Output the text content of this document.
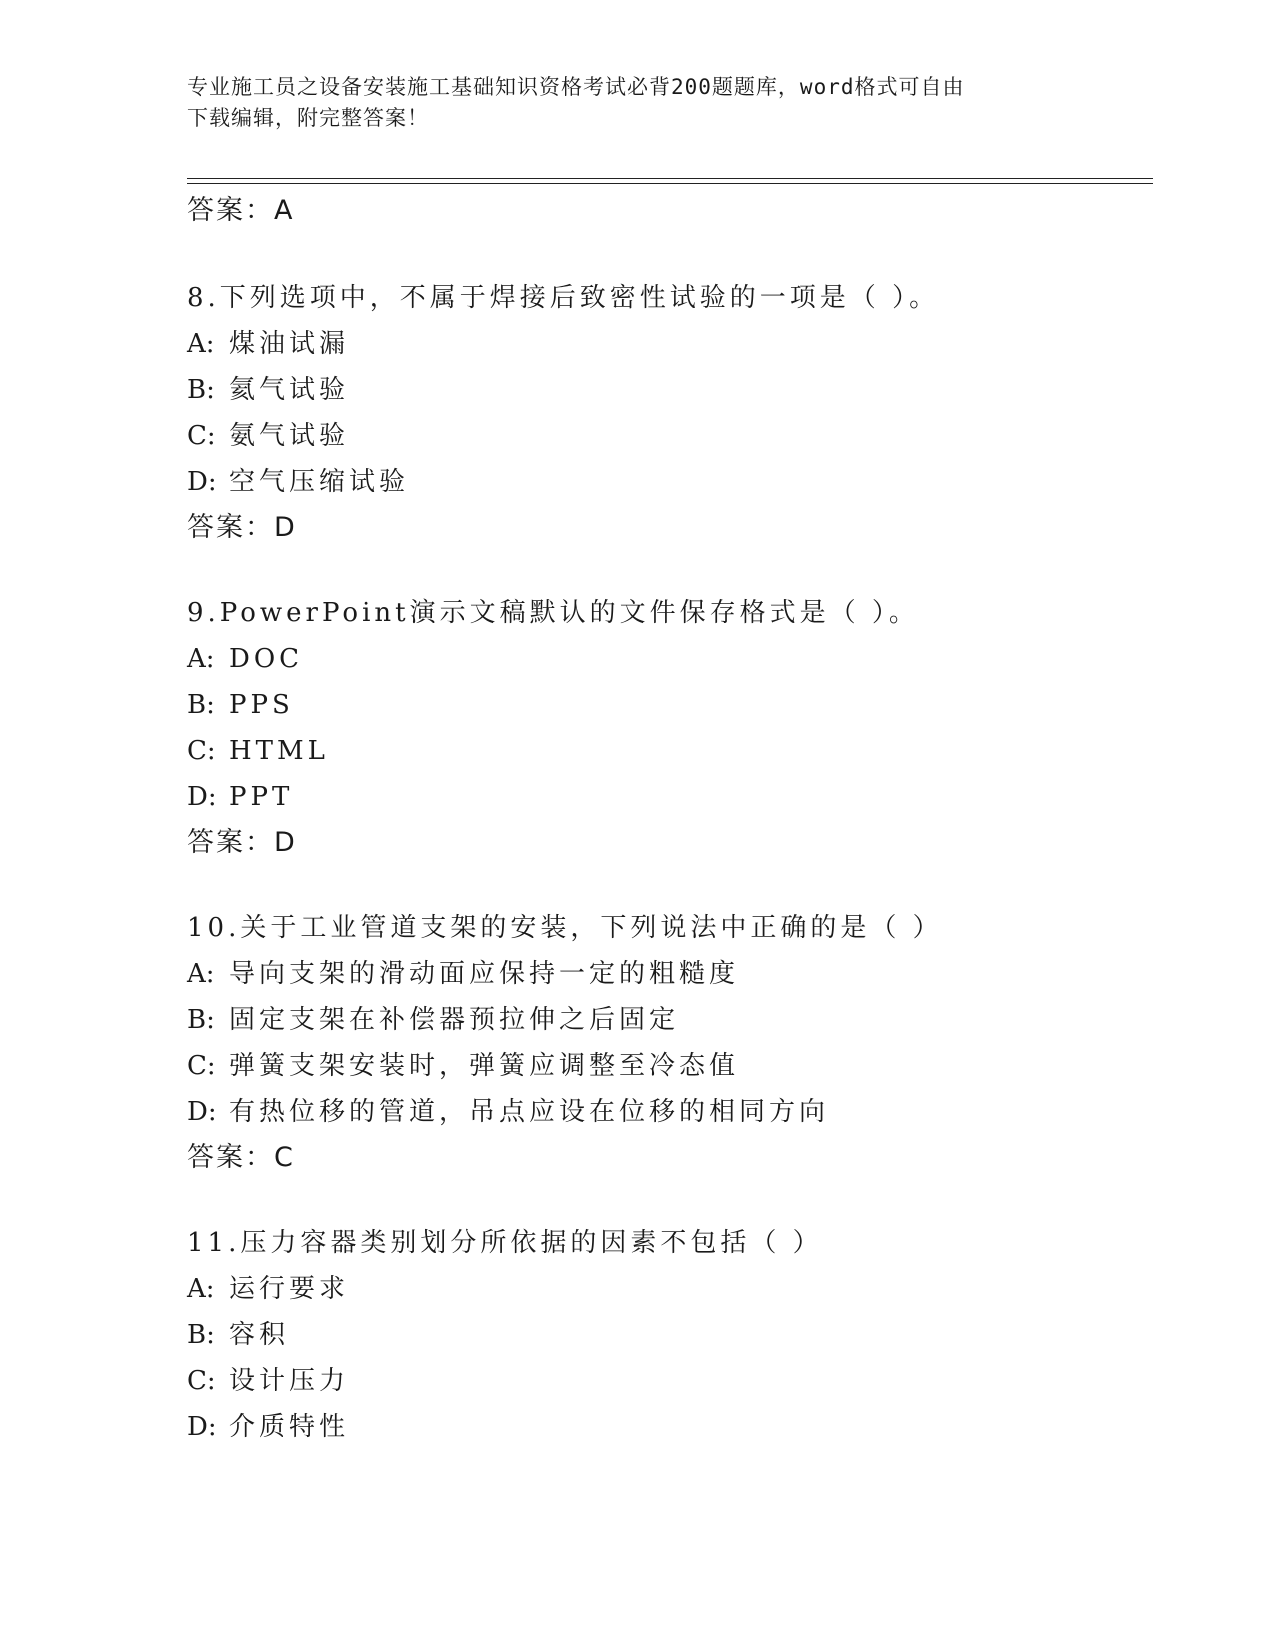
专业施工员之设备安装施工基础知识资格考试必背200题题库，word格式可自由
下载编辑，附完整答案！
答案：A
8.下列选项中，不属于焊接后致密性试验的一项是（ ）。
A: 煤油试漏
B: 氦气试验
C: 氨气试验
D: 空气压缩试验
答案：D
9.PowerPoint演示文稿默认的文件保存格式是（ ）。
A: DOC
B: PPS
C: HTML
D: PPT
答案：D
10.关于工业管道支架的安装，下列说法中正确的是（ ）
A: 导向支架的滑动面应保持一定的粗糙度
B: 固定支架在补偿器预拉伸之后固定
C: 弹簧支架安装时，弹簧应调整至冷态值
D: 有热位移的管道，吊点应设在位移的相同方向
答案：C
11.压力容器类别划分所依据的因素不包括（ ）
A: 运行要求
B: 容积
C: 设计压力
D: 介质特性
